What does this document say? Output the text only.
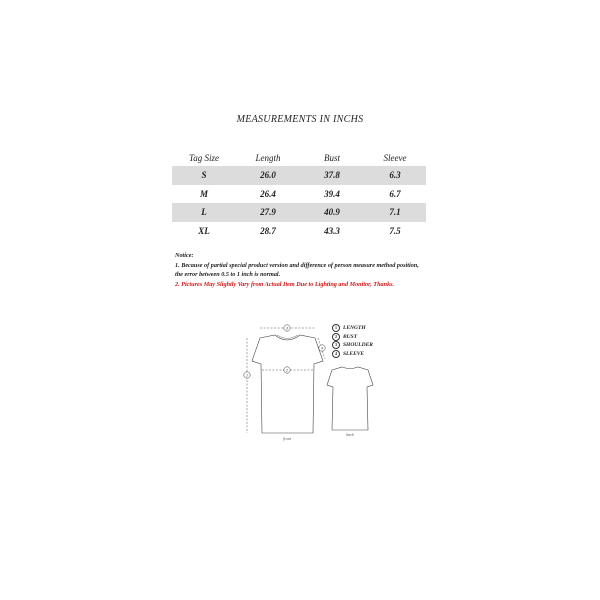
MEASUREMENTS IN INCHS
Tag Size	Length	Bust	Sleeve
S	26.0	37.8	6.3
M	26.4	39.4	6.7
L	27.9	40.9	7.1
XL	28.7	43.3	7.5
Notice:
1. Because of partial special product version and difference of person measure method position,
the error between 0.5 to 1 inch is normal.
2. Pictures May Slightly Vary from Actual Item Due to Lighting and Monitor, Thanks.
3
1
2
4
front
back
1	LENGTH
2	BUST
3	SHOULDER
4	SLEEVE
